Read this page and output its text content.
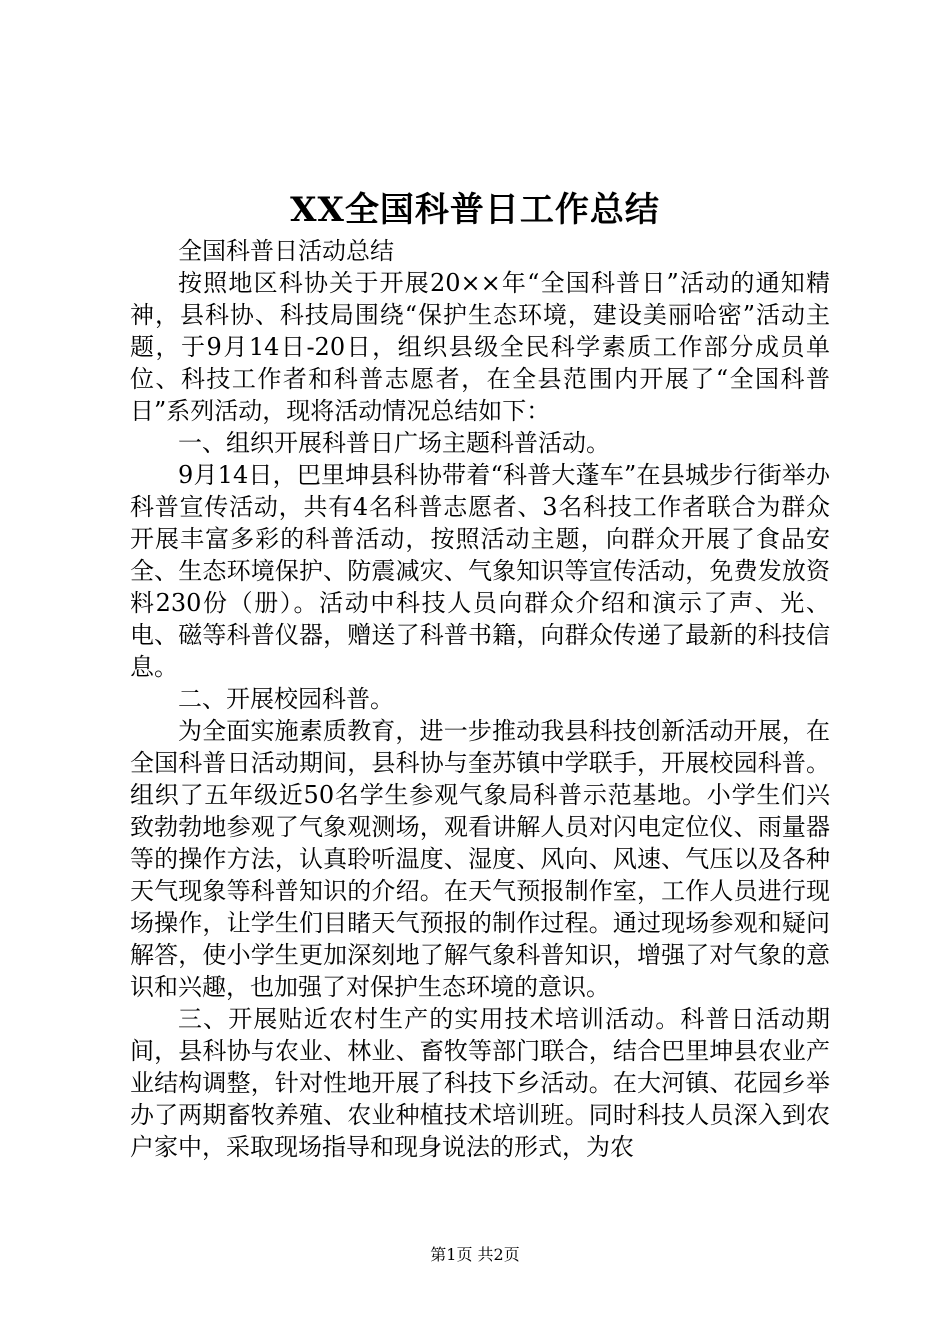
XX全国科普日工作总结

全国科普日活动总结

按照地区科协关于开展20××年“全国科普日”活动的通知精神，县科协、科技局围绕“保护生态环境，建设美丽哈密”活动主题，于9月14日-20日，组织县级全民科学素质工作部分成员单位、科技工作者和科普志愿者，在全县范围内开展了“全国科普日”系列活动，现将活动情况总结如下：

一、组织开展科普日广场主题科普活动。

9月14日，巴里坤县科协带着“科普大蓬车”在县城步行街举办科普宣传活动，共有4名科普志愿者、3名科技工作者联合为群众开展丰富多彩的科普活动，按照活动主题，向群众开展了食品安全、生态环境保护、防震减灾、气象知识等宣传活动，免费发放资料230份（册）。活动中科技人员向群众介绍和演示了声、光、电、磁等科普仪器，赠送了科普书籍，向群众传递了最新的科技信息。

二、开展校园科普。

为全面实施素质教育，进一步推动我县科技创新活动开展，在全国科普日活动期间，县科协与奎苏镇中学联手，开展校园科普。组织了五年级近50名学生参观气象局科普示范基地。小学生们兴致勃勃地参观了气象观测场，观看讲解人员对闪电定位仪、雨量器等的操作方法，认真聆听温度、湿度、风向、风速、气压以及各种天气现象等科普知识的介绍。在天气预报制作室，工作人员进行现场操作，让学生们目睹天气预报的制作过程。通过现场参观和疑问解答，使小学生更加深刻地了解气象科普知识，增强了对气象的意识和兴趣，也加强了对保护生态环境的意识。

三、开展贴近农村生产的实用技术培训活动。科普日活动期间，县科协与农业、林业、畜牧等部门联合，结合巴里坤县农业产业结构调整，针对性地开展了科技下乡活动。在大河镇、花园乡举办了两期畜牧养殖、农业种植技术培训班。同时科技人员深入到农户家中，采取现场指导和现身说法的形式，为农

第1页 共2页
